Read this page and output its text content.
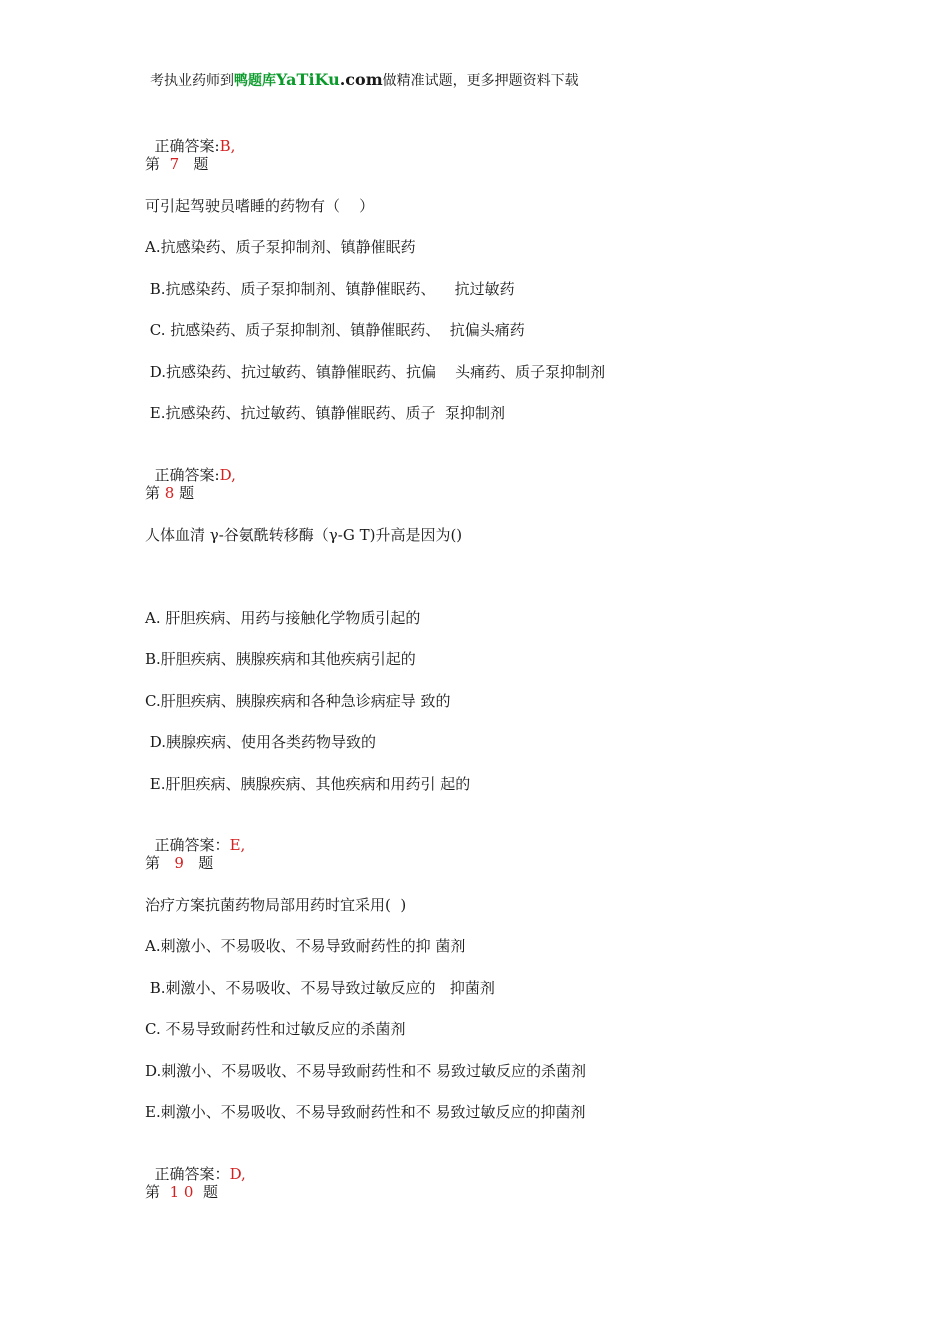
考执业药师到鸭题库YaTiKu.com做精准试题，更多押题资料下载

正确答案:B,

第 7 题
可引起驾驶员嗜睡的药物有（    ）
A.抗感染药、质子泵抑制剂、镇静催眠药
B.抗感染药、质子泵抑制剂、镇静催眠药、    抗过敏药
C. 抗感染药、质子泵抑制剂、镇静催眠药、  抗偏头痛药
D.抗感染药、抗过敏药、镇静催眠药、抗偏    头痛药、质子泵抑制剂
E.抗感染药、抗过敏药、镇静催眠药、质子  泵抑制剂

正确答案:D,

第 8 题
人体血清 γ-谷氨酰转移酶（γ-G T)升高是因为()
A. 肝胆疾病、用药与接触化学物质引起的
B.肝胆疾病、胰腺疾病和其他疾病引起的
C.肝胆疾病、胰腺疾病和各种急诊病症导 致的
D.胰腺疾病、使用各类药物导致的
E.肝胆疾病、胰腺疾病、其他疾病和用药引 起的

正确答案：E,

第 9 题
治疗方案抗菌药物局部用药时宜采用(  )
A.刺激小、不易吸收、不易导致耐药性的抑 菌剂
B.刺激小、不易吸收、不易导致过敏反应的   抑菌剂
C. 不易导致耐药性和过敏反应的杀菌剂
D.刺激小、不易吸收、不易导致耐药性和不 易致过敏反应的杀菌剂
E.刺激小、不易吸收、不易导致耐药性和不 易致过敏反应的抑菌剂

正确答案：D,

第 1 0 题
